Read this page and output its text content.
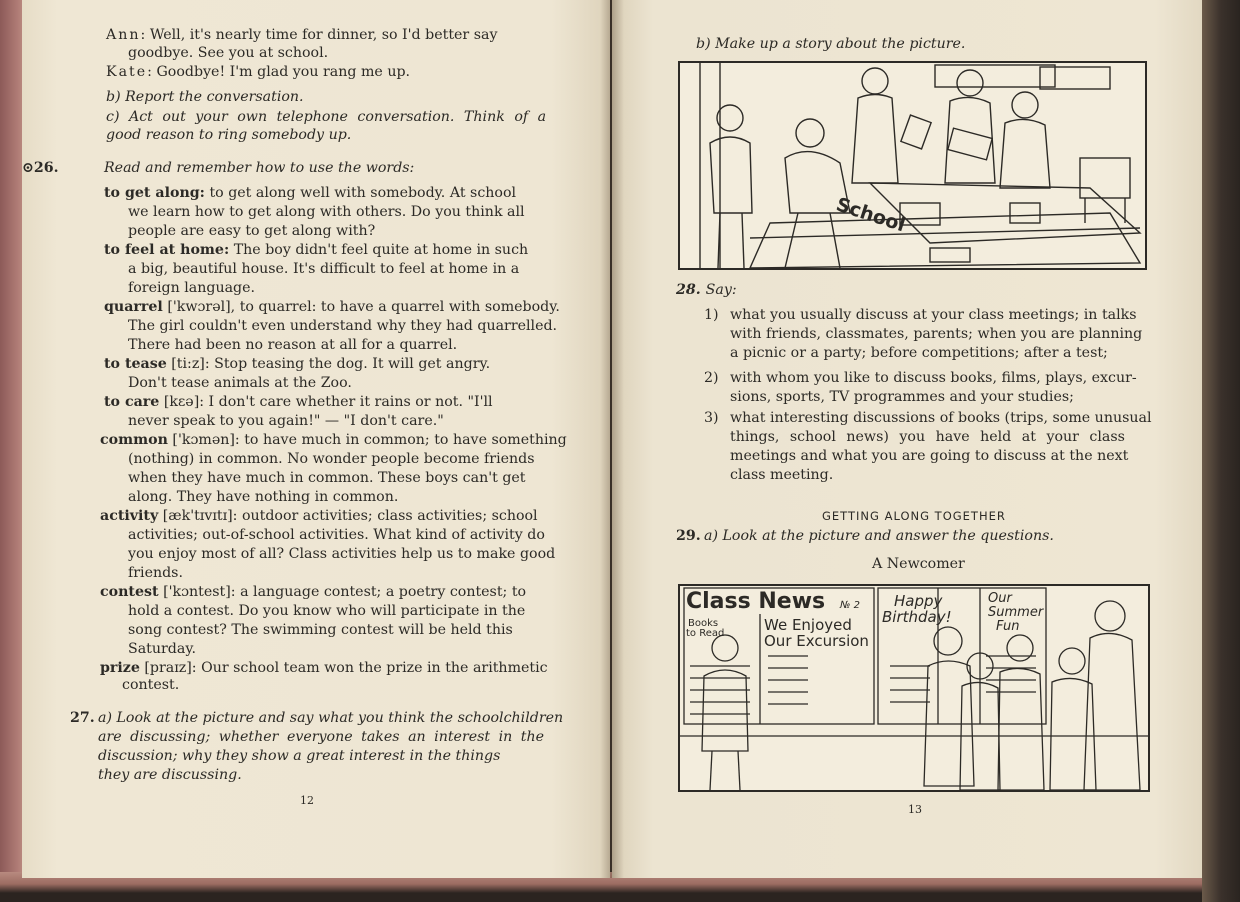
Ann: Well, it's nearly time for dinner, so I'd better say
goodbye. See you at school.
Kate: Goodbye! I'm glad you rang me up.
b) Report the conversation.
c) Act out your own telephone conversation. Think of a
good reason to ring somebody up.
⊙26.	Read and remember how to use the words:
to get along: to get along well with somebody. At school
we learn how to get along with others. Do you think all
people are easy to get along with?
to feel at home: The boy didn't feel quite at home in such
a big, beautiful house. It's difficult to feel at home in a
foreign language.
quarrel ['kwɔrəl], to quarrel: to have a quarrel with somebody.
The girl couldn't even understand why they had quarrelled.
There had been no reason at all for a quarrel.
to tease [ti:z]: Stop teasing the dog. It will get angry.
Don't tease animals at the Zoo.
to care [kɛə]: I don't care whether it rains or not. "I'll
never speak to you again!" — "I don't care."
common ['kɔmən]: to have much in common; to have something
(nothing) in common. No wonder people become friends
when they have much in common. These boys can't get
along. They have nothing in common.
activity [æk'tɪvɪtɪ]: outdoor activities; class activities; school
activities; out-of-school activities. What kind of activity do
you enjoy most of all? Class activities help us to make good
friends.
contest ['kɔntest]: a language contest; a poetry contest; to
hold a contest. Do you know who will participate in the
song contest? The swimming contest will be held this
Saturday.
prize [praɪz]: Our school team won the prize in the arithmetic
contest.
27. a) Look at the picture and say what you think the schoolchildren
are discussing; whether everyone takes an interest in the
discussion; why they show a great interest in the things
they are discussing.
12
b) Make up a story about the picture.
School
28. Say:
1) what you usually discuss at your class meetings; in talks
with friends, classmates, parents; when you are planning
a picnic or a party; before competitions; after a test;
2) with whom you like to discuss books, films, plays, excur-
sions, sports, TV programmes and your studies;
3) what interesting discussions of books (trips, some unusual
things, school news) you have held at your class
meetings and what you are going to discuss at the next
class meeting.
GETTING ALONG TOGETHER
29. a) Look at the picture and answer the questions.
A Newcomer
Class News № 2
Books
to Read	We Enjoyed
Our Excursion
Happy
Birthday!
Our
Summer
Fun
13
